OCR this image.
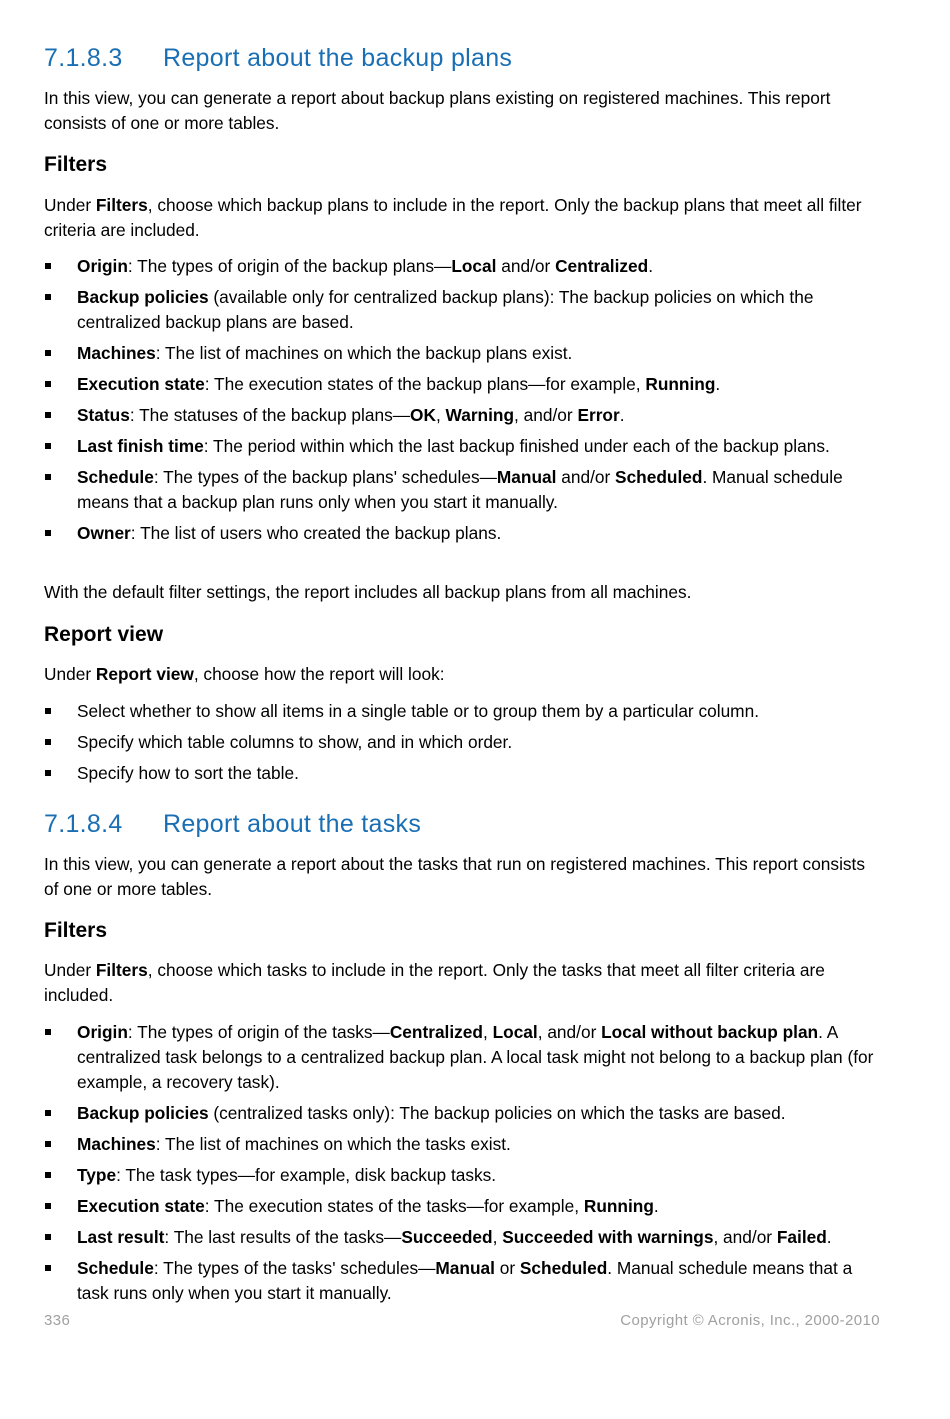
7.1.8.3 Report about the backup plans

In this view, you can generate a report about backup plans existing on registered machines. This report consists of one or more tables.

Filters

Under Filters, choose which backup plans to include in the report. Only the backup plans that meet all filter criteria are included.

Origin: The types of origin of the backup plans—Local and/or Centralized.
Backup policies (available only for centralized backup plans): The backup policies on which the centralized backup plans are based.
Machines: The list of machines on which the backup plans exist.
Execution state: The execution states of the backup plans—for example, Running.
Status: The statuses of the backup plans—OK, Warning, and/or Error.
Last finish time: The period within which the last backup finished under each of the backup plans.
Schedule: The types of the backup plans' schedules—Manual and/or Scheduled. Manual schedule means that a backup plan runs only when you start it manually.
Owner: The list of users who created the backup plans.

With the default filter settings, the report includes all backup plans from all machines.

Report view

Under Report view, choose how the report will look:

Select whether to show all items in a single table or to group them by a particular column.
Specify which table columns to show, and in which order.
Specify how to sort the table.
7.1.8.4 Report about the tasks

In this view, you can generate a report about the tasks that run on registered machines. This report consists of one or more tables.

Filters

Under Filters, choose which tasks to include in the report. Only the tasks that meet all filter criteria are included.

Origin: The types of origin of the tasks—Centralized, Local, and/or Local without backup plan. A centralized task belongs to a centralized backup plan. A local task might not belong to a backup plan (for example, a recovery task).
Backup policies (centralized tasks only): The backup policies on which the tasks are based.
Machines: The list of machines on which the tasks exist.
Type: The task types—for example, disk backup tasks.
Execution state: The execution states of the tasks—for example, Running.
Last result: The last results of the tasks—Succeeded, Succeeded with warnings, and/or Failed.
Schedule: The types of the tasks' schedules—Manual or Scheduled. Manual schedule means that a task runs only when you start it manually.
336	Copyright © Acronis, Inc., 2000-2010
